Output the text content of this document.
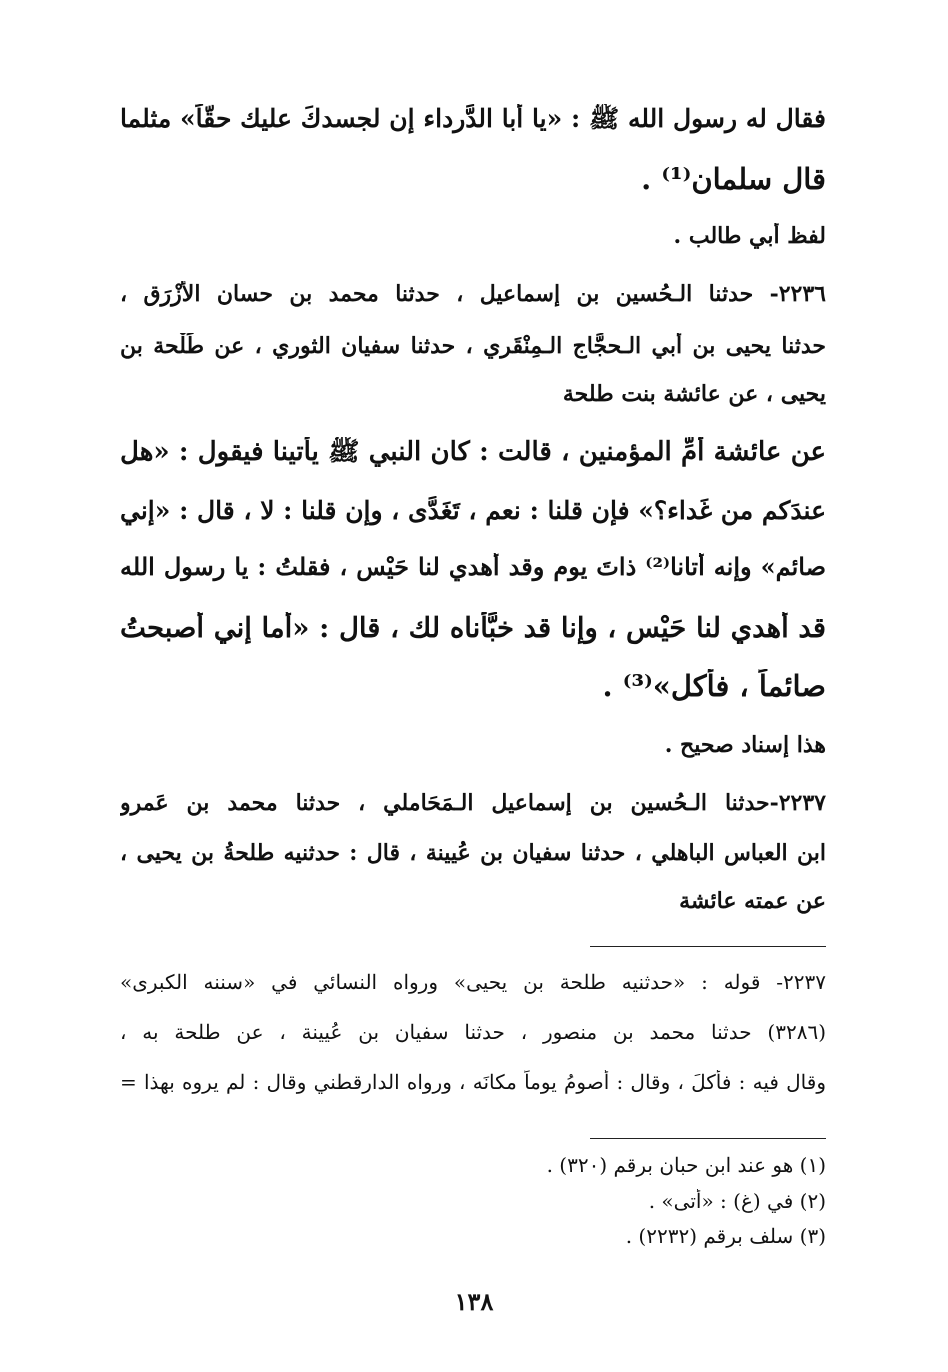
فقال له رسول الله ﷺ : «يا أبا الدَّرداء إن لجسدكَ عليك حقّاً» مثلما
قال سلمان⁽¹⁾ .
لفظ أبي طالب .
٢٢٣٦- حدثنا الـحُسين بن إسماعيل ، حدثنا محمد بن حسان الأَزْرَق ،
حدثنا يحيى بن أبي الـحجَّاج الـمِنْقَري ، حدثنا سفيان الثوري ، عن طَلْحة بن
يحيى ، عن عائشة بنت طلحة
عن عائشة أمِّ المؤمنين ، قالت : كان النبي ﷺ يأتينا فيقول : «هل
عندَكم من غَداء؟» فإن قلنا : نعم ، تَغَدَّى ، وإن قلنا : لا ، قال : «إني
صائم» وإنه أتانا⁽²⁾ ذاتَ يوم وقد أُهدي لنا حَيْس ، فقلتُ : يا رسول الله
قد أُهدي لنا حَيْس ، وإنا قد خبَّأناه لك ، قال : «أما إني أصبحتُ
صائماً ، فأكل»⁽³⁾ .
هذا إسناد صحيح .
٢٢٣٧-حدثنا الـحُسين بن إسماعيل الـمَحَاملي ، حدثنا محمد بن عَمرو
ابن العباس الباهلي ، حدثنا سفيان بن عُيينة ، قال : حدثنيه طلحةُ بن يحيى ،
عن عمته عائشة
٢٢٣٧- قوله : «حدثنيه طلحة بن يحيى» ورواه النسائي في «سننه الكبرى»
(٣٢٨٦) حدثنا محمد بن منصور ، حدثنا سفيان بن عُيينة ، عن طلحة به ،
وقال فيه : فأكلَ ، وقال : أصومُ يوماً مكانَه ، ورواه الدارقطني وقال : لم يروه بهذا =
(١) هو عند ابن حبان برقم (٣٢٠) .
(٢) في (غ) : «أتى» .
(٣) سلف برقم (٢٢٣٢) .
١٣٨
